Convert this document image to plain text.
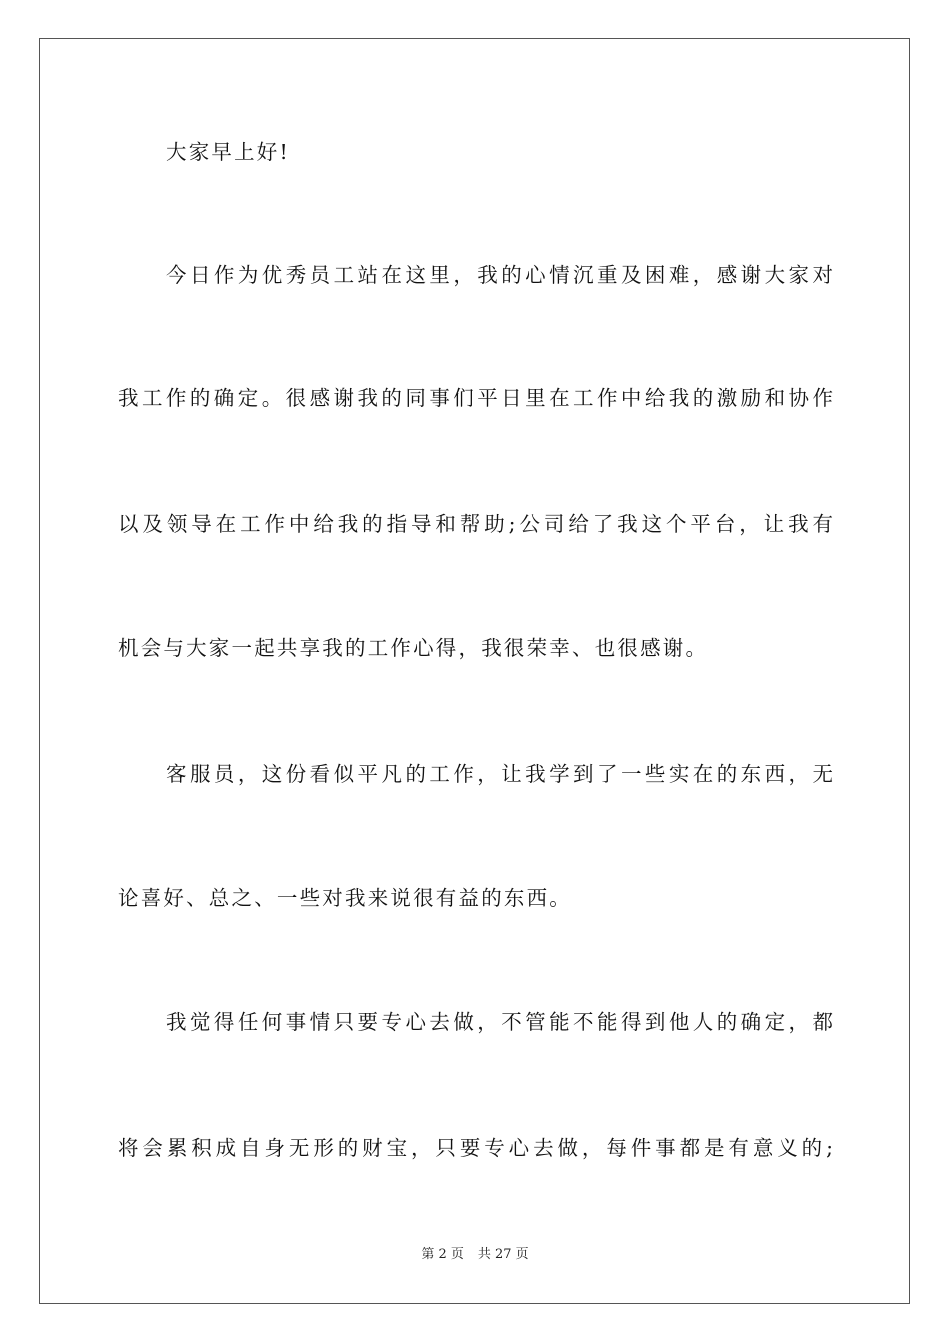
大家早上好!
今日作为优秀员工站在这里，我的心情沉重及困难，感谢大家对
我工作的确定。很感谢我的同事们平日里在工作中给我的激励和协作
以及领导在工作中给我的指导和帮助;公司给了我这个平台，让我有
机会与大家一起共享我的工作心得，我很荣幸、也很感谢。
客服员，这份看似平凡的工作，让我学到了一些实在的东西，无
论喜好、总之、一些对我来说很有益的东西。
我觉得任何事情只要专心去做，不管能不能得到他人的确定，都
将会累积成自身无形的财宝，只要专心去做，每件事都是有意义的;
第 2 页 共 27 页
